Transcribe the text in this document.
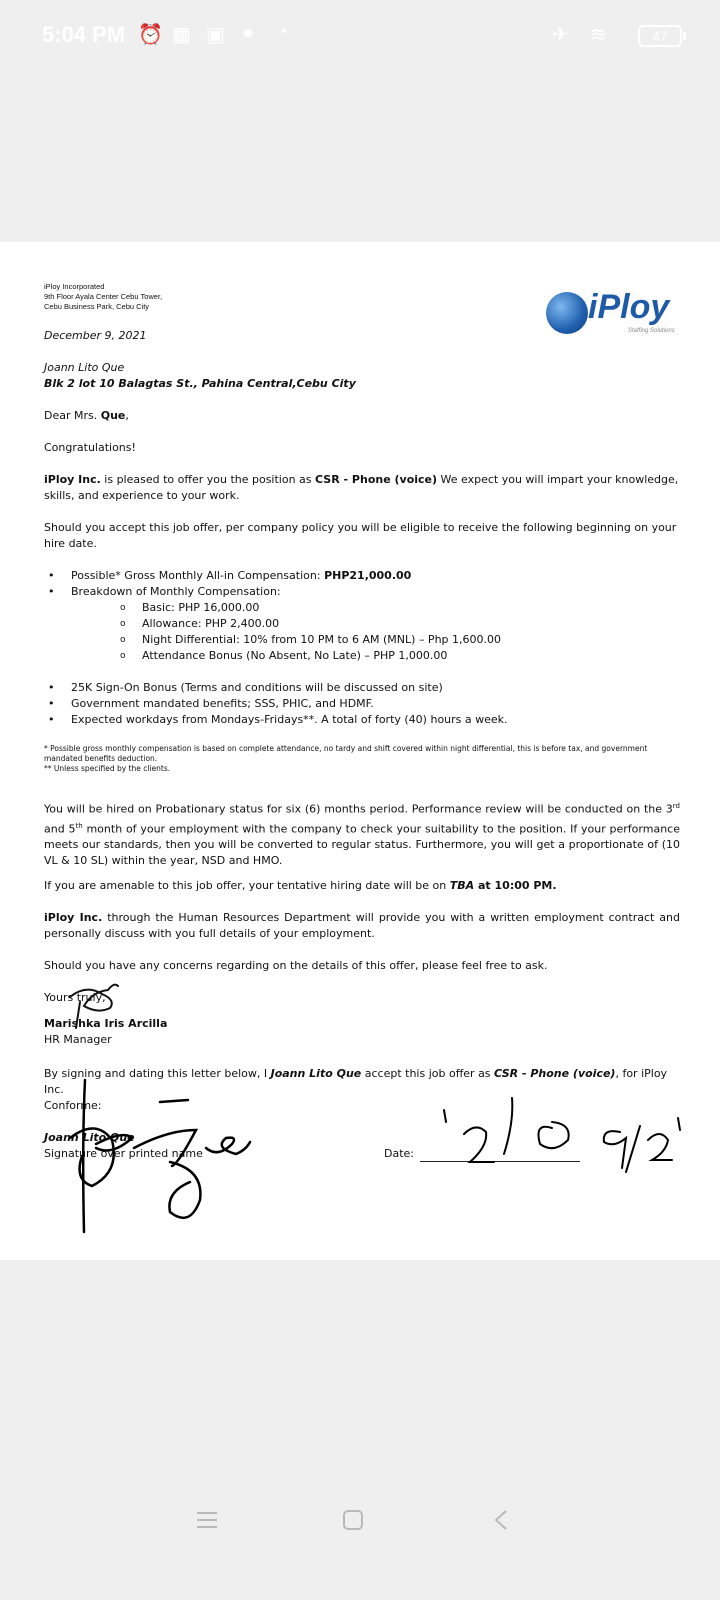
5:04 PM ⏰ ▦ ▣ ● •	✈ ≋	47
iPloy
Staffing Solutions
iPloy Incorporated
9th Floor Ayala Center Cebu Tower,
Cebu Business Park, Cebu City
December 9, 2021
Joann Lito Que
Blk 2 lot 10 Balagtas St., Pahina Central,Cebu City
Dear Mrs. Que,
Congratulations!
iPloy Inc. is pleased to offer you the position as CSR - Phone (voice) We expect you will impart your knowledge, skills, and experience to your work.
Should you accept this job offer, per company policy you will be eligible to receive the following beginning on your hire date.
• Possible* Gross Monthly All-in Compensation: PHP21,000.00
• Breakdown of Monthly Compensation:
o Basic: PHP 16,000.00
o Allowance: PHP 2,400.00
o Night Differential: 10% from 10 PM to 6 AM (MNL) – Php 1,600.00
o Attendance Bonus (No Absent, No Late) – PHP 1,000.00
• 25K Sign-On Bonus (Terms and conditions will be discussed on site)
• Government mandated benefits; SSS, PHIC, and HDMF.
• Expected workdays from Mondays-Fridays**. A total of forty (40) hours a week.
* Possible gross monthly compensation is based on complete attendance, no tardy and shift covered within night differential, this is before tax, and government mandated benefits deduction.
** Unless specified by the clients.
You will be hired on Probationary status for six (6) months period. Performance review will be conducted on the 3rd and 5th month of your employment with the company to check your suitability to the position. If your performance meets our standards, then you will be converted to regular status. Furthermore, you will get a proportionate of (10 VL & 10 SL) within the year, NSD and HMO.
If you are amenable to this job offer, your tentative hiring date will be on TBA at 10:00 PM.
iPloy Inc. through the Human Resources Department will provide you with a written employment contract and personally discuss with you full details of your employment.
Should you have any concerns regarding on the details of this offer, please feel free to ask.
Yours truly,
Marishka Iris Arcilla
HR Manager
By signing and dating this letter below, I Joann Lito Que accept this job offer as CSR - Phone (voice), for iPloy Inc.
Conforme:
Joann Lito Que
Signature over printed name	Date:
